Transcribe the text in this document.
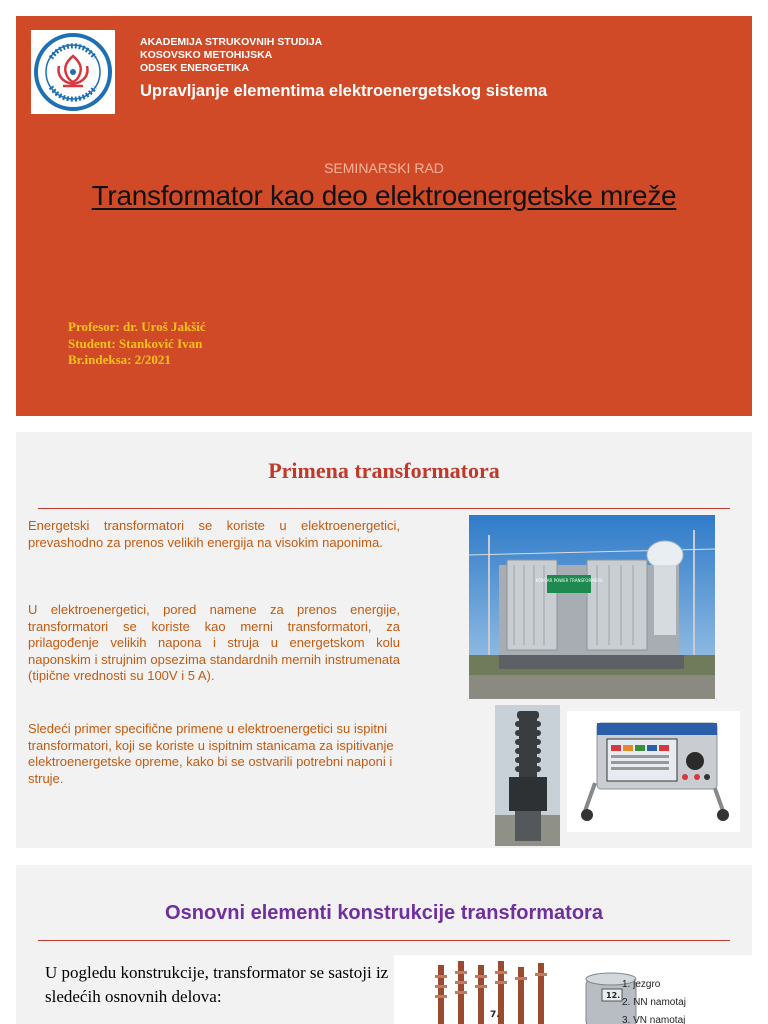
AKADEMIJA STRUKOVNIH STUDIJA
KOSOVSKO METOHIJSKA
ODSEK ENERGETIKA
Upravljanje elementima elektroenergetskog sistema
SEMINARSKI RAD
Transformator kao deo elektroenergetske mreže
Profesor: dr. Uroš Jakšić
Student: Stanković Ivan
Br.indeksa: 2/2021
Primena transformatora

Energetski transformatori se koriste u elektroenergetici, prevashodno za prenos velikih energija na visokim naponima.

U elektroenergetici, pored namene za prenos energije, transformatori se koriste kao merni transformatori, za prilagođenje velikih napona i struja u energetskom kolu naponskim i strujnim opsezima standardnih mernih instrumenata (tipične vrednosti su 100V i 5 A).

Sledeći primer specifične primene u elektroenergetici su ispitni transformatori, koji se koriste u ispitnim stanicama za ispitivanje elektroenergetske opreme, kako bi se ostvarili potrebni naponi i struje.

KONČAR POWER TRANSFORMERS
Osnovni elementi konstrukcije transformatora

U pogledu konstrukcije, transformator se sastoji iz sledećih osnovnih delova:

7.
12.
1. jezgro
2. NN namotaj
3. VN namotaj
